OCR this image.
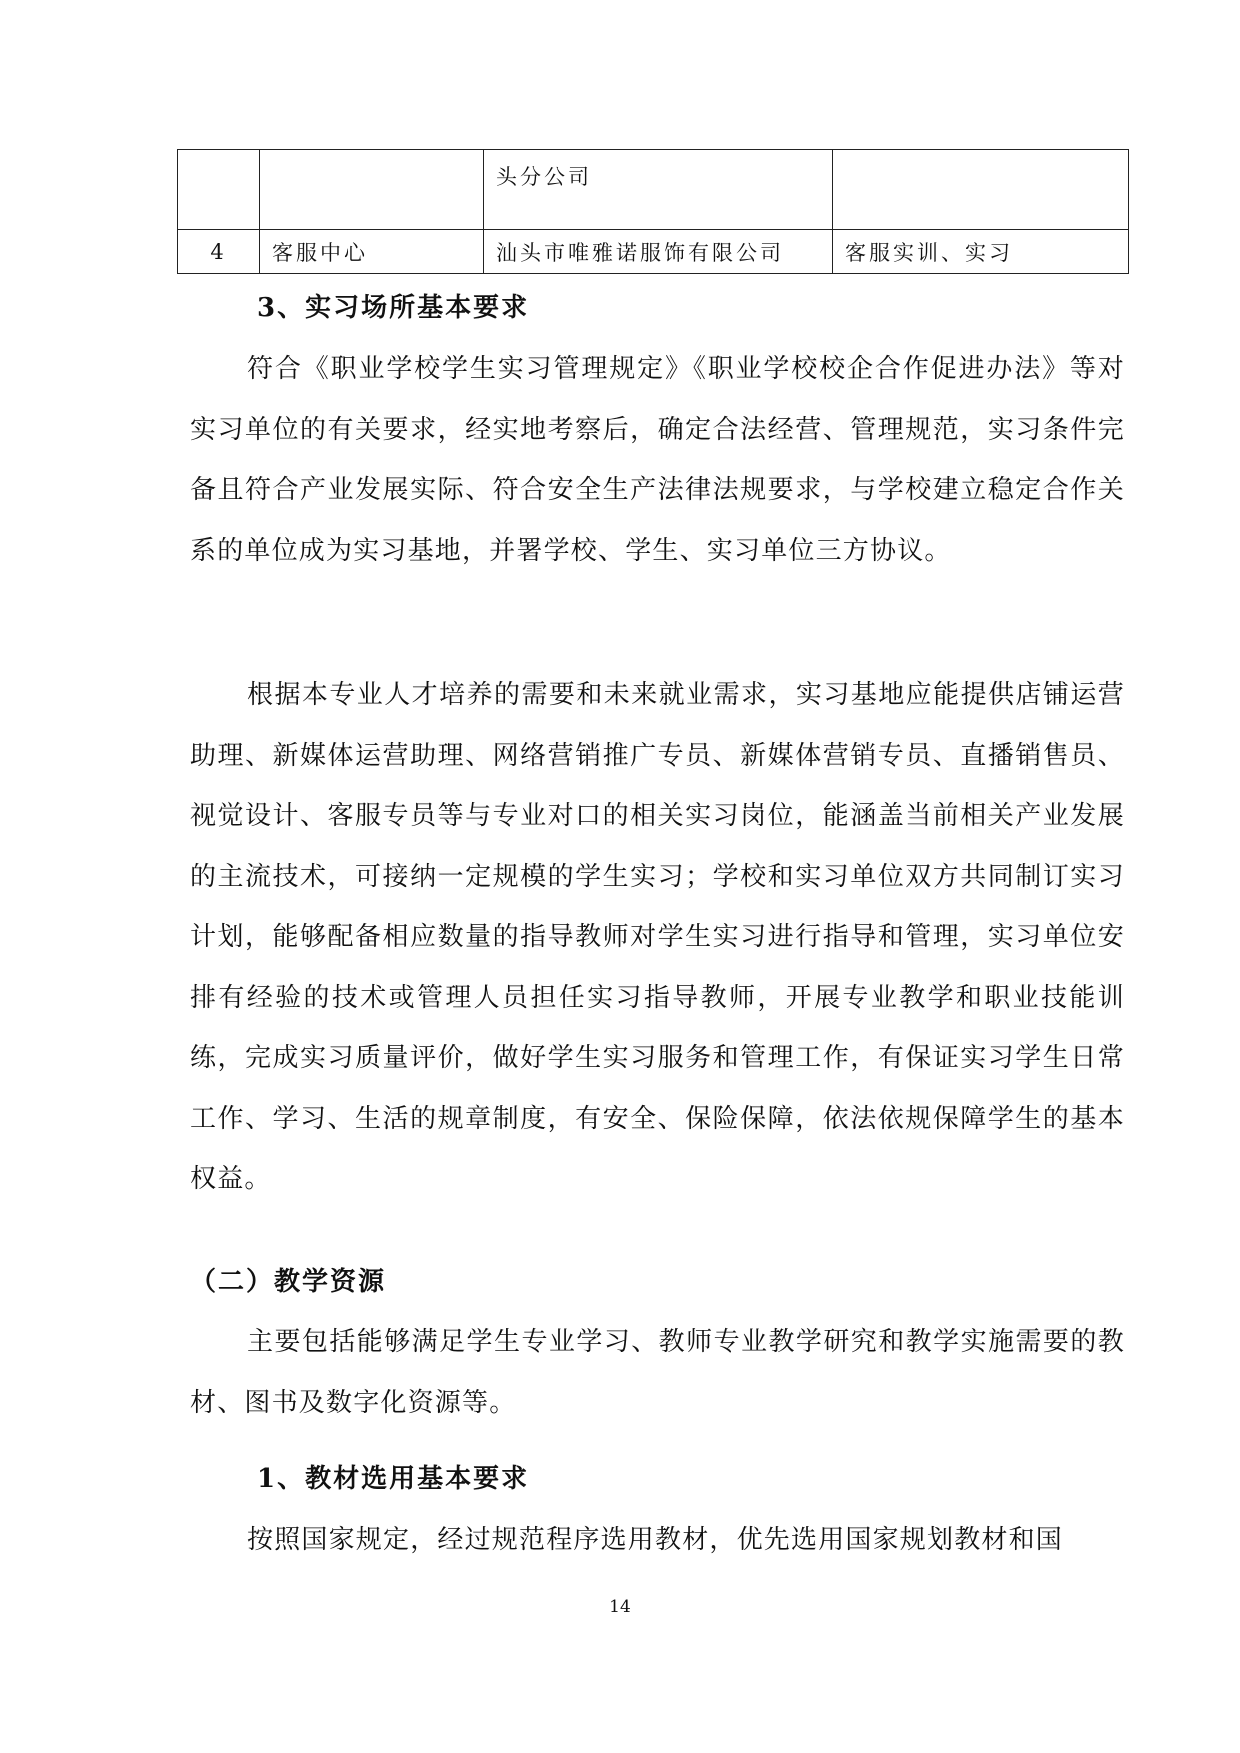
		头分公司	
4	客服中心	汕头市唯雅诺服饰有限公司	客服实训、实习
3、实习场所基本要求

符合《职业学校学生实习管理规定》《职业学校校企合作促进办法》等对实习单位的有关要求，经实地考察后，确定合法经营、管理规范，实习条件完备且符合产业发展实际、符合安全生产法律法规要求，与学校建立稳定合作关系的单位成为实习基地，并署学校、学生、实习单位三方协议。

根据本专业人才培养的需要和未来就业需求，实习基地应能提供店铺运营助理、新媒体运营助理、网络营销推广专员、新媒体营销专员、直播销售员、视觉设计、客服专员等与专业对口的相关实习岗位，能涵盖当前相关产业发展的主流技术，可接纳一定规模的学生实习；学校和实习单位双方共同制订实习计划，能够配备相应数量的指导教师对学生实习进行指导和管理，实习单位安排有经验的技术或管理人员担任实习指导教师，开展专业教学和职业技能训练，完成实习质量评价，做好学生实习服务和管理工作，有保证实习学生日常工作、学习、生活的规章制度，有安全、保险保障，依法依规保障学生的基本权益。

（二）教学资源

主要包括能够满足学生专业学习、教师专业教学研究和教学实施需要的教材、图书及数字化资源等。

1、教材选用基本要求

按照国家规定，经过规范程序选用教材，优先选用国家规划教材和国

14
